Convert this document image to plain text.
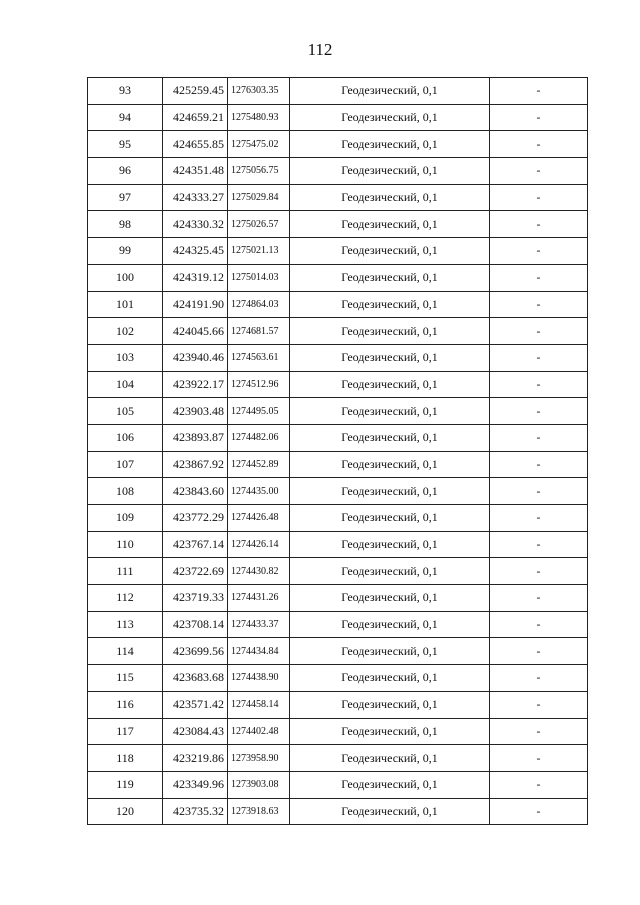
112
93	425259.45	1276303.35	Геодезический, 0,1	-
94	424659.21	1275480.93	Геодезический, 0,1	-
95	424655.85	1275475.02	Геодезический, 0,1	-
96	424351.48	1275056.75	Геодезический, 0,1	-
97	424333.27	1275029.84	Геодезический, 0,1	-
98	424330.32	1275026.57	Геодезический, 0,1	-
99	424325.45	1275021.13	Геодезический, 0,1	-
100	424319.12	1275014.03	Геодезический, 0,1	-
101	424191.90	1274864.03	Геодезический, 0,1	-
102	424045.66	1274681.57	Геодезический, 0,1	-
103	423940.46	1274563.61	Геодезический, 0,1	-
104	423922.17	1274512.96	Геодезический, 0,1	-
105	423903.48	1274495.05	Геодезический, 0,1	-
106	423893.87	1274482.06	Геодезический, 0,1	-
107	423867.92	1274452.89	Геодезический, 0,1	-
108	423843.60	1274435.00	Геодезический, 0,1	-
109	423772.29	1274426.48	Геодезический, 0,1	-
110	423767.14	1274426.14	Геодезический, 0,1	-
111	423722.69	1274430.82	Геодезический, 0,1	-
112	423719.33	1274431.26	Геодезический, 0,1	-
113	423708.14	1274433.37	Геодезический, 0,1	-
114	423699.56	1274434.84	Геодезический, 0,1	-
115	423683.68	1274438.90	Геодезический, 0,1	-
116	423571.42	1274458.14	Геодезический, 0,1	-
117	423084.43	1274402.48	Геодезический, 0,1	-
118	423219.86	1273958.90	Геодезический, 0,1	-
119	423349.96	1273903.08	Геодезический, 0,1	-
120	423735.32	1273918.63	Геодезический, 0,1	-
